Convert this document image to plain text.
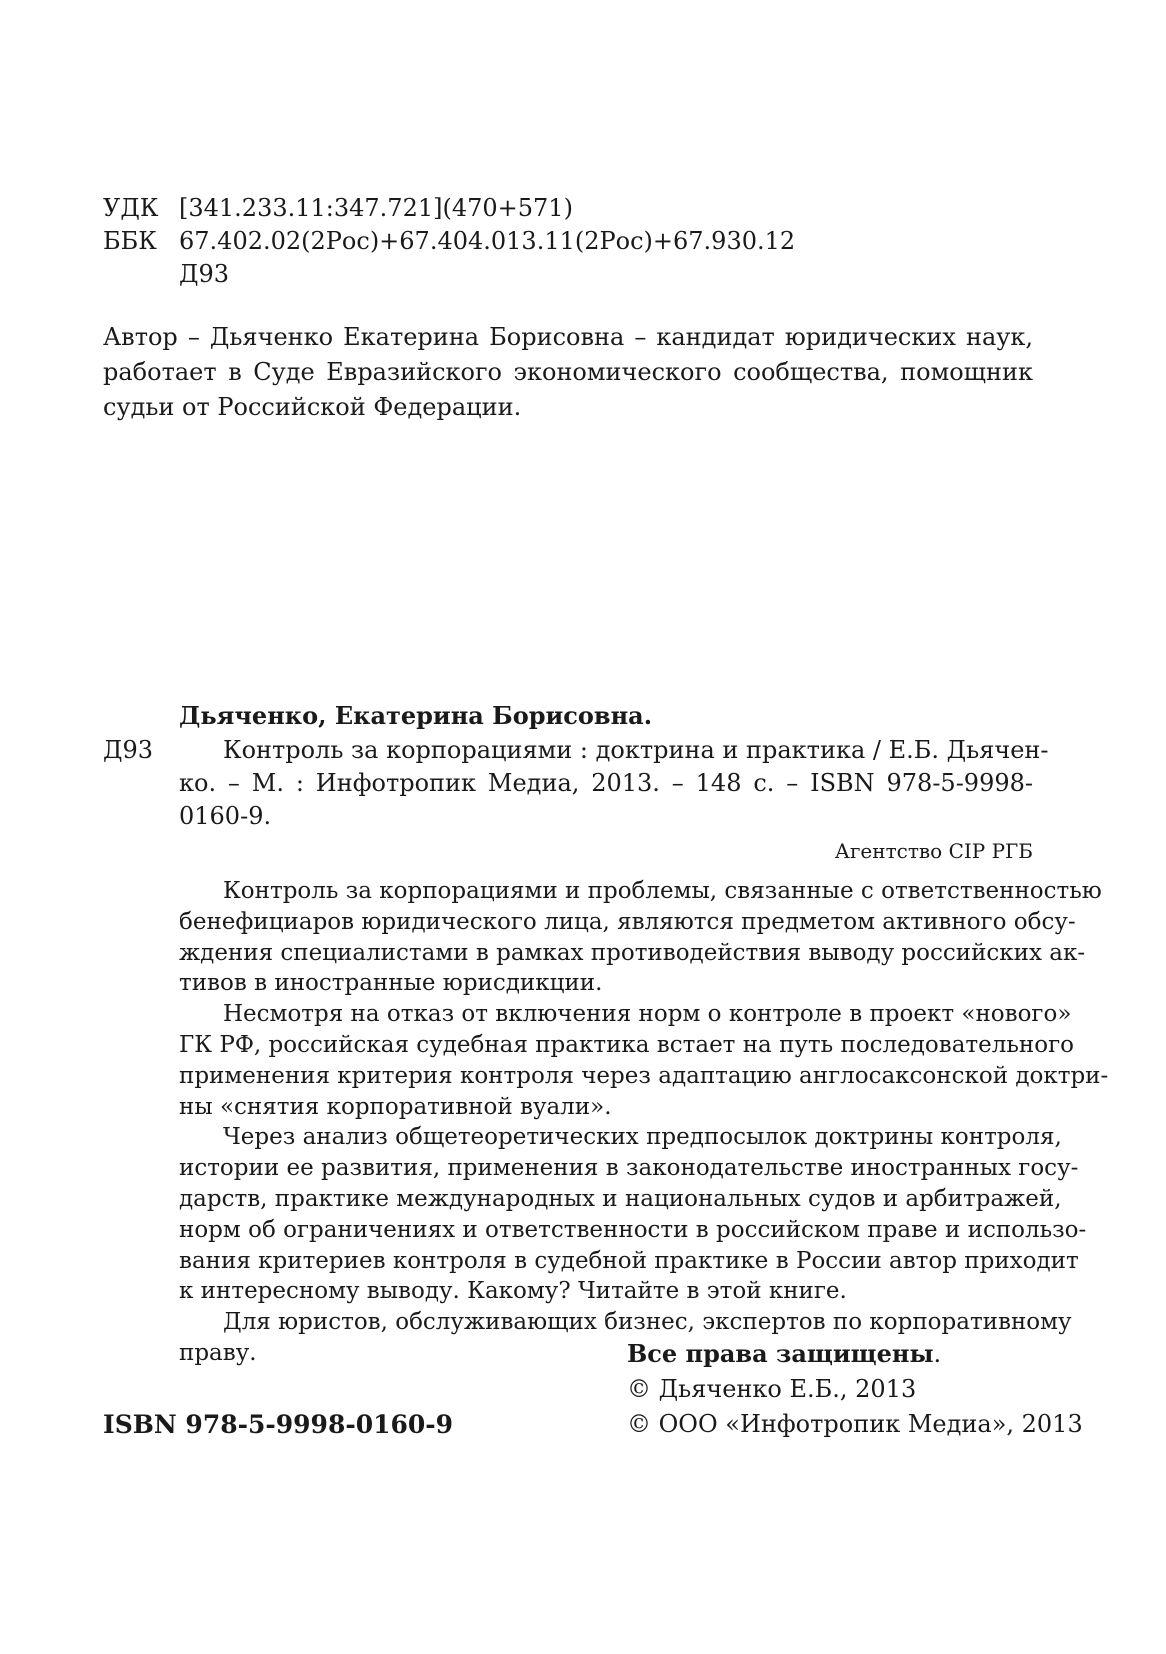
УДК [341.233.11:347.721](470+571)
ББК 67.402.02(2Рос)+67.404.013.11(2Рос)+67.930.12
Д93
Автор – Дьяченко Екатерина Борисовна – кандидат юридических наук,
работает в Суде Евразийского экономического сообщества, помощник
судьи от Российской Федерации.
Дьяченко, Екатерина Борисовна.
Д93	Контроль за корпорациями : доктрина и практика / Е.Б. Дьячен-
ко. – М. : Инфотропик Медиа, 2013. – 148 с. – ISBN 978-5-9998-
0160-9.
Агентство CIP РГБ
Контроль за корпорациями и проблемы, связанные с ответственностью
бенефициаров юридического лица, являются предметом активного обсу-
ждения специалистами в рамках противодействия выводу российских ак-
тивов в иностранные юрисдикции.
Несмотря на отказ от включения норм о контроле в проект «нового»
ГК РФ, российская судебная практика встает на путь последовательного
применения критерия контроля через адаптацию англосаксонской доктри-
ны «снятия корпоративной вуали».
Через анализ общетеоретических предпосылок доктрины контроля,
истории ее развития, применения в законодательстве иностранных госу-
дарств, практике международных и национальных судов и арбитражей,
норм об ограничениях и ответственности в российском праве и использо-
вания критериев контроля в судебной практике в России автор приходит
к интересному выводу. Какому? Читайте в этой книге.
Для юристов, обслуживающих бизнес, экспертов по корпоративному
праву.
ISBN 978-5-9998-0160-9
Все права защищены.
© Дьяченко Е.Б., 2013
© ООО «Инфотропик Медиа», 2013
